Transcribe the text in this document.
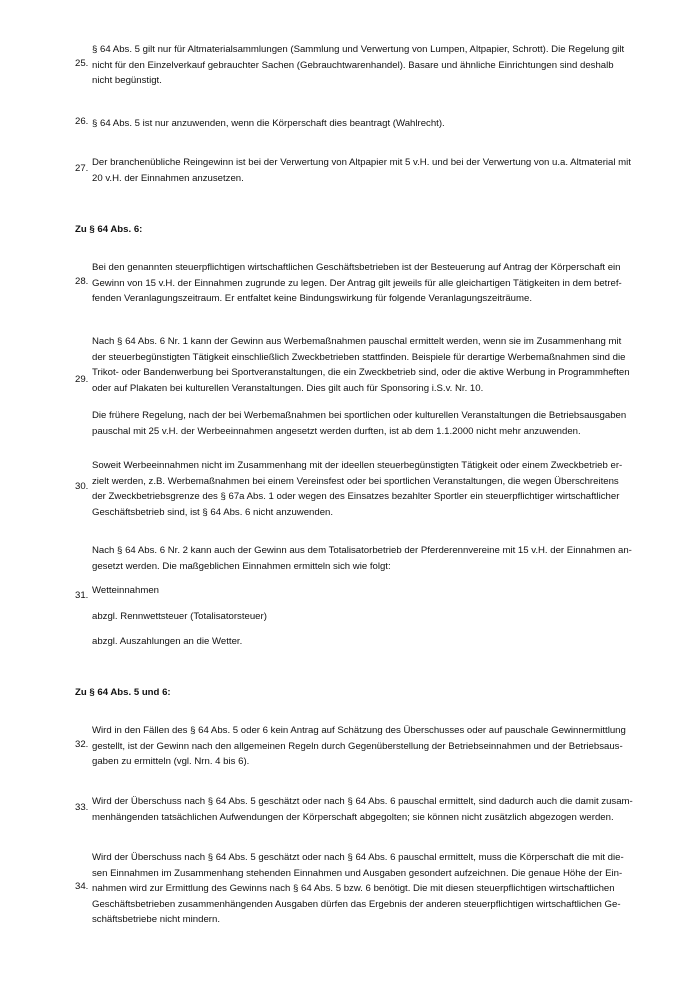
25.
§ 64 Abs. 5 gilt nur für Altmaterialsammlungen (Sammlung und Verwertung von Lumpen, Altpapier, Schrott). Die Regelung gilt
nicht für den Einzelverkauf gebrauchter Sachen (Gebrauchtwarenhandel). Basare und ähnliche Einrichtungen sind deshalb
nicht begünstigt.
26. § 64 Abs. 5 ist nur anzuwenden, wenn die Körperschaft dies beantragt (Wahlrecht).
27.
Der branchenübliche Reingewinn ist bei der Verwertung von Altpapier mit 5 v.H. und bei der Verwertung von u.a. Altmaterial mit
20 v.H. der Einnahmen anzusetzen.
Zu § 64 Abs. 6:
28.
Bei den genannten steuerpflichtigen wirtschaftlichen Geschäftsbetrieben ist der Besteuerung auf Antrag der Körperschaft ein
Gewinn von 15 v.H. der Einnahmen zugrunde zu legen. Der Antrag gilt jeweils für alle gleichartigen Tätigkeiten in dem betref-
fenden Veranlagungszeitraum. Er entfaltet keine Bindungswirkung für folgende Veranlagungszeiträume.
29.
Nach § 64 Abs. 6 Nr. 1 kann der Gewinn aus Werbemaßnahmen pauschal ermittelt werden, wenn sie im Zusammenhang mit
der steuerbegünstigten Tätigkeit einschließlich Zweckbetrieben stattfinden. Beispiele für derartige Werbemaßnahmen sind die
Trikot- oder Bandenwerbung bei Sportveranstaltungen, die ein Zweckbetrieb sind, oder die aktive Werbung in Programmheften
oder auf Plakaten bei kulturellen Veranstaltungen. Dies gilt auch für Sponsoring i.S.v. Nr. 10.
Die frühere Regelung, nach der bei Werbemaßnahmen bei sportlichen oder kulturellen Veranstaltungen die Betriebsausgaben
pauschal mit 25 v.H. der Werbeeinnahmen angesetzt werden durften, ist ab dem 1.1.2000 nicht mehr anzuwenden.
30.
Soweit Werbeeinnahmen nicht im Zusammenhang mit der ideellen steuerbegünstigten Tätigkeit oder einem Zweckbetrieb er-
zielt werden, z.B. Werbemaßnahmen bei einem Vereinsfest oder bei sportlichen Veranstaltungen, die wegen Überschreitens
der Zweckbetriebsgrenze des § 67a Abs. 1 oder wegen des Einsatzes bezahlter Sportler ein steuerpflichtiger wirtschaftlicher
Geschäftsbetrieb sind, ist § 64 Abs. 6 nicht anzuwenden.
31.
Nach § 64 Abs. 6 Nr. 2 kann auch der Gewinn aus dem Totalisatorbetrieb der Pferderennvereine mit 15 v.H. der Einnahmen an-
gesetzt werden. Die maßgeblichen Einnahmen ermitteln sich wie folgt:
Wetteinnahmen
abzgl. Rennwettsteuer (Totalisatorsteuer)
abzgl. Auszahlungen an die Wetter.
Zu § 64 Abs. 5 und 6:
32.
Wird in den Fällen des § 64 Abs. 5 oder 6 kein Antrag auf Schätzung des Überschusses oder auf pauschale Gewinnermittlung
gestellt, ist der Gewinn nach den allgemeinen Regeln durch Gegenüberstellung der Betriebseinnahmen und der Betriebsaus-
gaben zu ermitteln (vgl. Nrn. 4 bis 6).
33.
Wird der Überschuss nach § 64 Abs. 5 geschätzt oder nach § 64 Abs. 6 pauschal ermittelt, sind dadurch auch die damit zusam-
menhängenden tatsächlichen Aufwendungen der Körperschaft abgegolten; sie können nicht zusätzlich abgezogen werden.
34.
Wird der Überschuss nach § 64 Abs. 5 geschätzt oder nach § 64 Abs. 6 pauschal ermittelt, muss die Körperschaft die mit die-
sen Einnahmen im Zusammenhang stehenden Einnahmen und Ausgaben gesondert aufzeichnen. Die genaue Höhe der Ein-
nahmen wird zur Ermittlung des Gewinns nach § 64 Abs. 5 bzw. 6 benötigt. Die mit diesen steuerpflichtigen wirtschaftlichen
Geschäftsbetrieben zusammenhängenden Ausgaben dürfen das Ergebnis der anderen steuerpflichtigen wirtschaftlichen Ge-
schäftsbetriebe nicht mindern.
